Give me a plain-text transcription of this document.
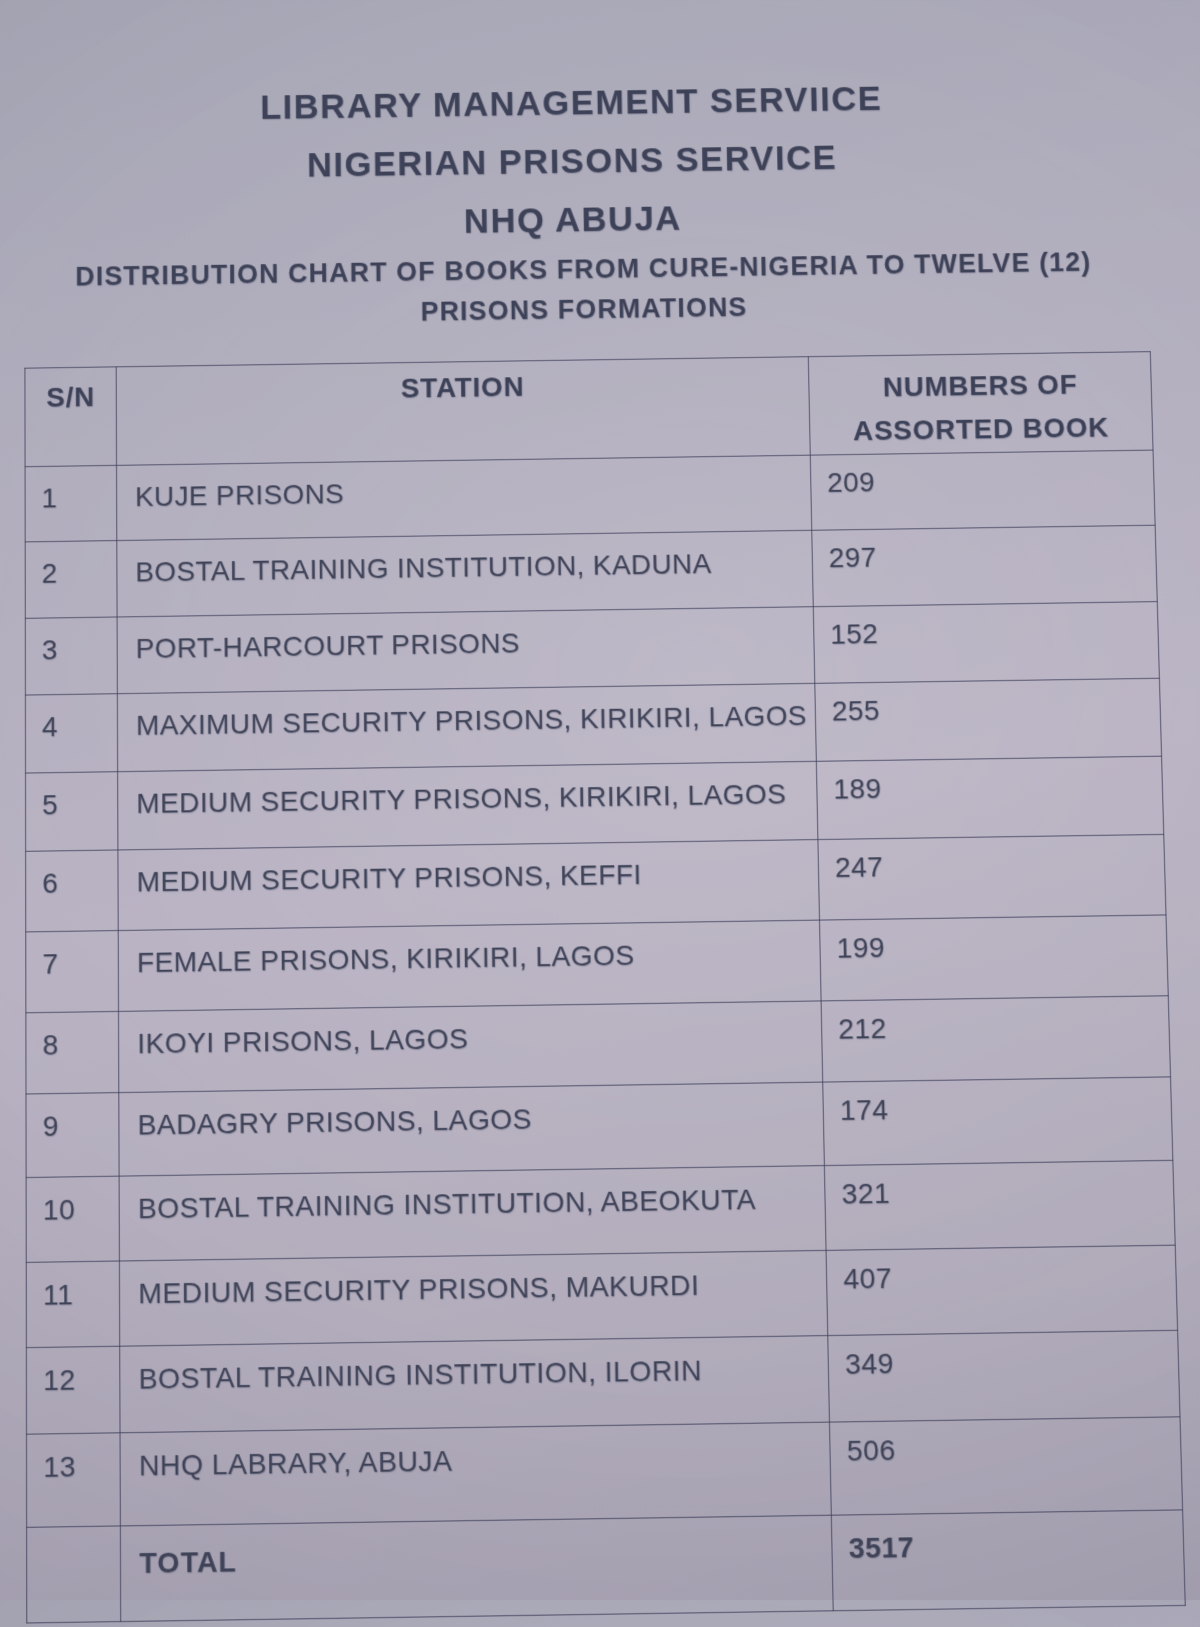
LIBRARY MANAGEMENT SERVIICE
NIGERIAN PRISONS SERVICE
NHQ ABUJA
DISTRIBUTION CHART OF BOOKS FROM CURE-NIGERIA TO TWELVE (12)
PRISONS FORMATIONS
S/N	STATION	NUMBERS OF
ASSORTED BOOK

1	KUJE PRISONS	209
2	BOSTAL TRAINING INSTITUTION, KADUNA	297
3	PORT-HARCOURT PRISONS	152
4	MAXIMUM SECURITY PRISONS, KIRIKIRI, LAGOS	255
5	MEDIUM SECURITY PRISONS, KIRIKIRI, LAGOS	189
6	MEDIUM SECURITY PRISONS, KEFFI	247
7	FEMALE PRISONS, KIRIKIRI, LAGOS	199
8	IKOYI PRISONS, LAGOS	212
9	BADAGRY PRISONS, LAGOS	174
10	BOSTAL TRAINING INSTITUTION, ABEOKUTA	321
11	MEDIUM SECURITY PRISONS, MAKURDI	407
12	BOSTAL TRAINING INSTITUTION, ILORIN	349
13	NHQ LABRARY, ABUJA	506
	TOTAL	3517
